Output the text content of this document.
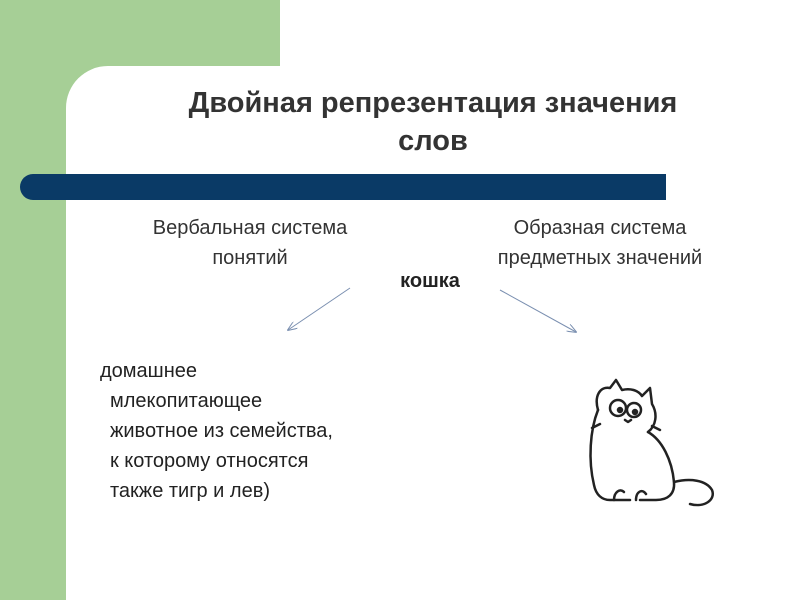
Двойная репрезентация значения
слов
Вербальная система
понятий
Образная система
предметных значений
кошка
домашнее
млекопитающее
животное из семейства,
к которому относятся
также тигр и лев)
